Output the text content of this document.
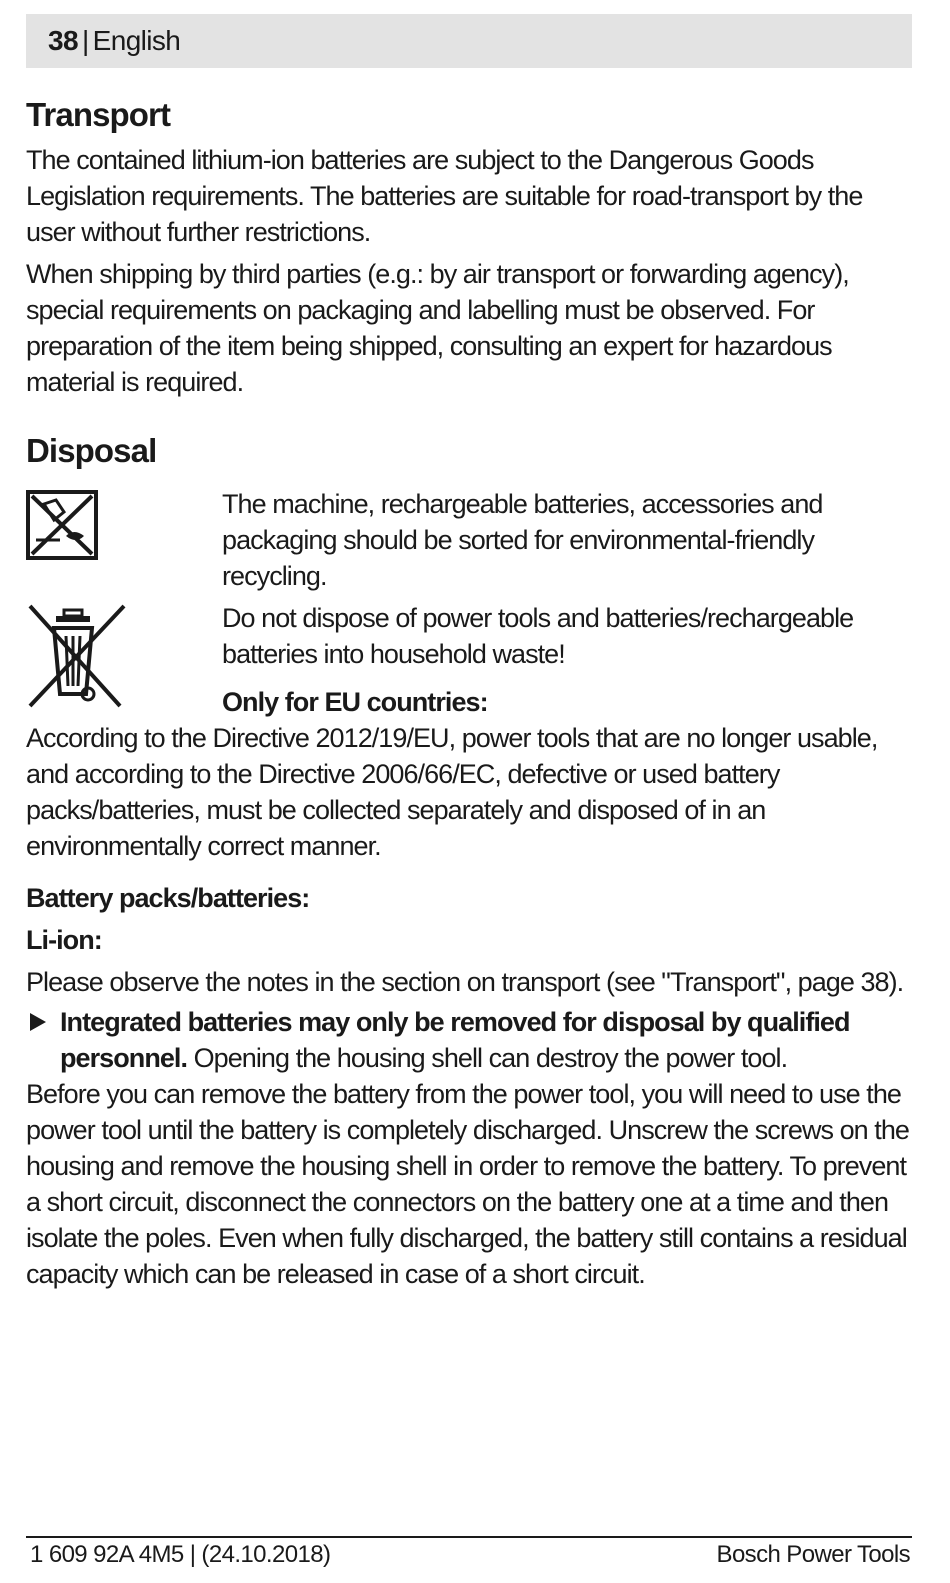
38 | English
Transport

The contained lithium-ion batteries are subject to the Dangerous Goods Legislation requirements. The batteries are suitable for road-transport by the user without further restrictions.

When shipping by third parties (e.g.: by air transport or forwarding agency), special requirements on packaging and labelling must be observed. For preparation of the item being shipped, consulting an expert for hazardous material is required.

Disposal

The machine, rechargeable batteries, accessories and packaging should be sorted for environmental-friendly recycling.

Do not dispose of power tools and batteries/rechargeable batteries into household waste!

Only for EU countries:

According to the Directive 2012/19/EU, power tools that are no longer usable, and according to the Directive 2006/66/EC, defective or used battery packs/batteries, must be collected separately and disposed of in an environmentally correct manner.

Battery packs/batteries:

Li-ion:

Please observe the notes in the section on transport (see "Transport", page 38).

Integrated batteries may only be removed for disposal by qualified personnel. Opening the housing shell can destroy the power tool.

Before you can remove the battery from the power tool, you will need to use the power tool until the battery is completely discharged. Unscrew the screws on the housing and remove the housing shell in order to remove the battery. To prevent a short circuit, disconnect the connectors on the battery one at a time and then isolate the poles. Even when fully discharged, the battery still contains a residual capacity which can be released in case of a short circuit.

1 609 92A 4M5 | (24.10.2018)	Bosch Power Tools
